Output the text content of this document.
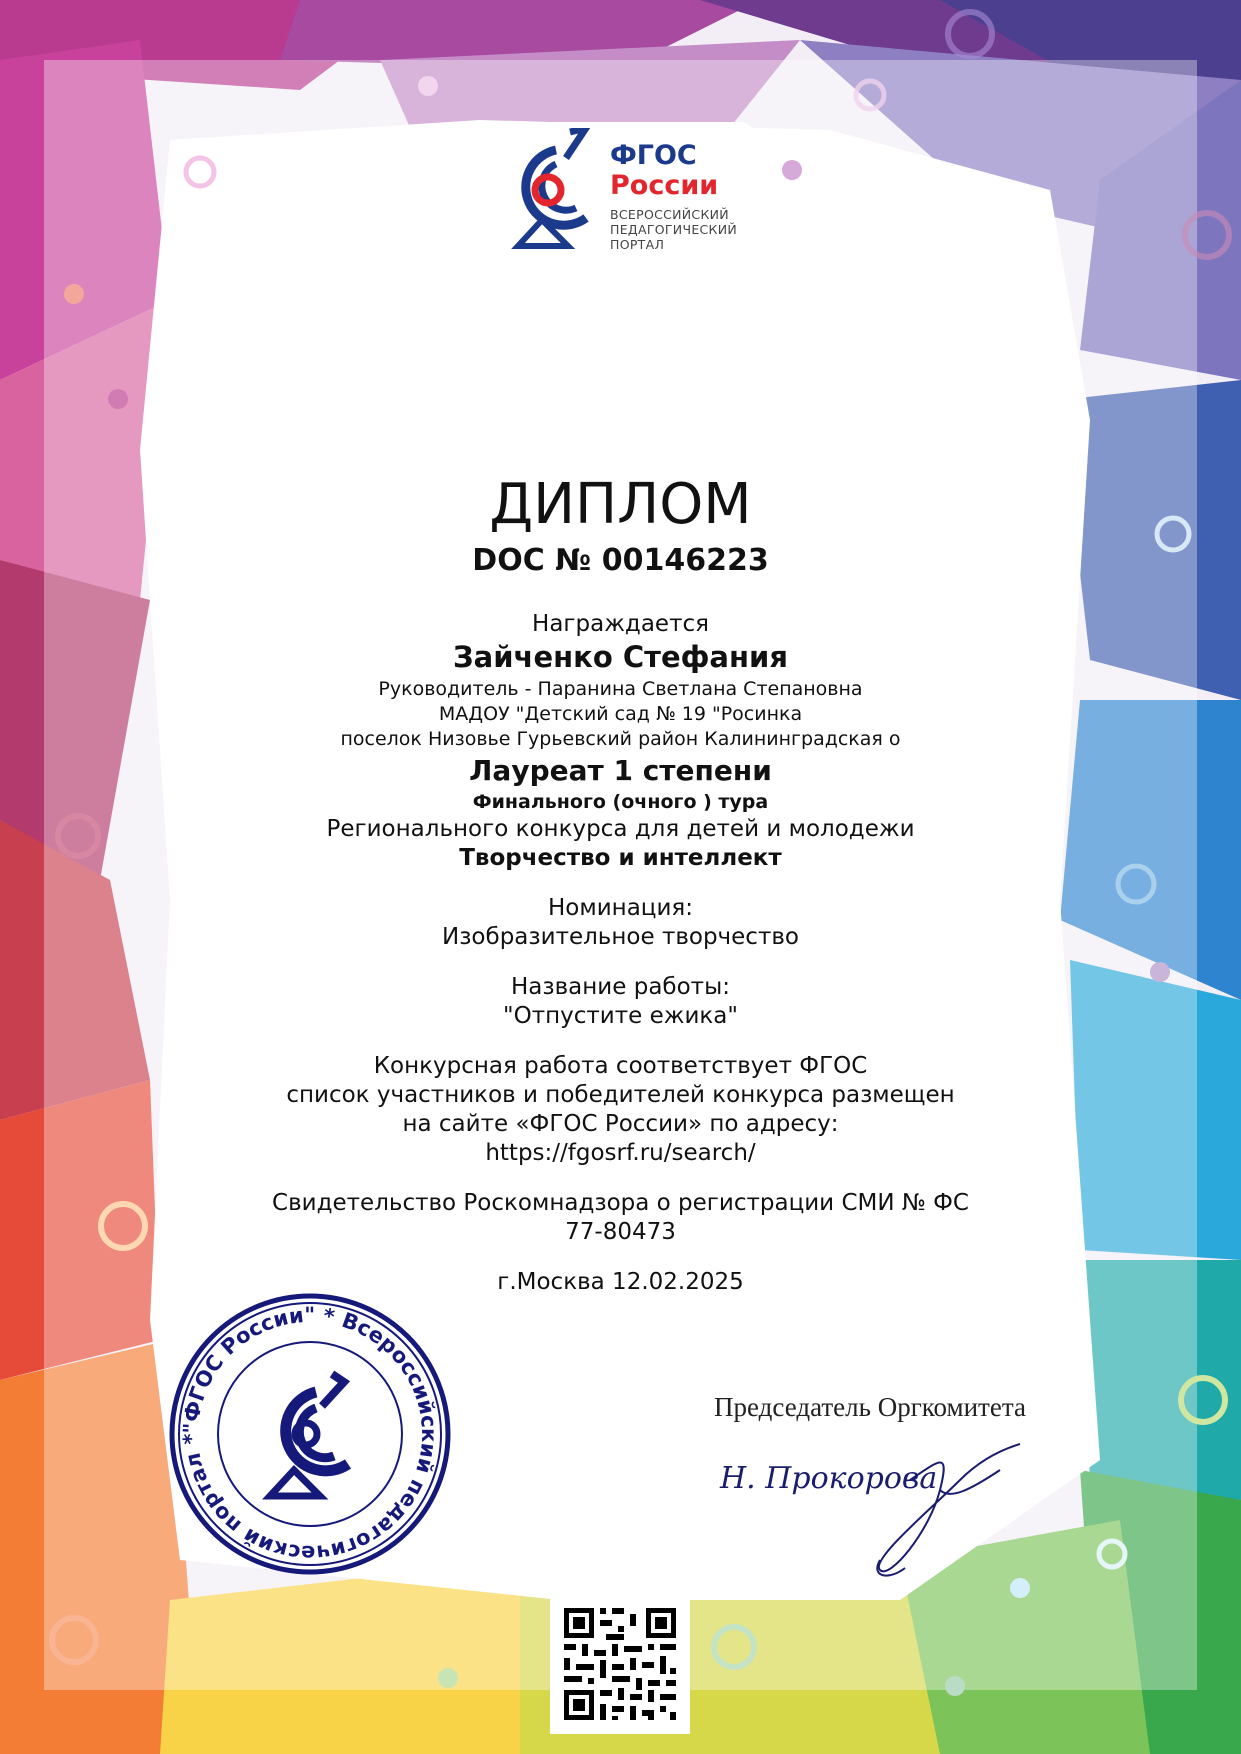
ФГОС
России
ВСЕРОССИЙСКИЙ
ПЕДАГОГИЧЕСКИЙ
ПОРТАЛ
ДИПЛОМ
DOC № 00146223
Награждается
Зайченко Стефания
Руководитель - Паранина Светлана Степановна
МАДОУ "Детский сад № 19 "Росинка
поселок Низовье Гурьевский район Калининградская о
Лауреат 1 степени
Финального (очного ) тура
Регионального конкурса для детей и молодежи
Творчество и интеллект
Номинация:
Изобразительное творчество
Название работы:
"Отпустите ежика"
Конкурсная работа соответствует ФГОС
список участников и победителей конкурса размещен
на сайте «ФГОС России» по адресу:
https://fgosrf.ru/search/
Свидетельство Роскомнадзора о регистрации СМИ № ФС
77-80473
г.Москва 12.02.2025
"ФГОС России" * Всероссийский педагогический портал *
Председатель Оргкомитета
Н. Прокорова
